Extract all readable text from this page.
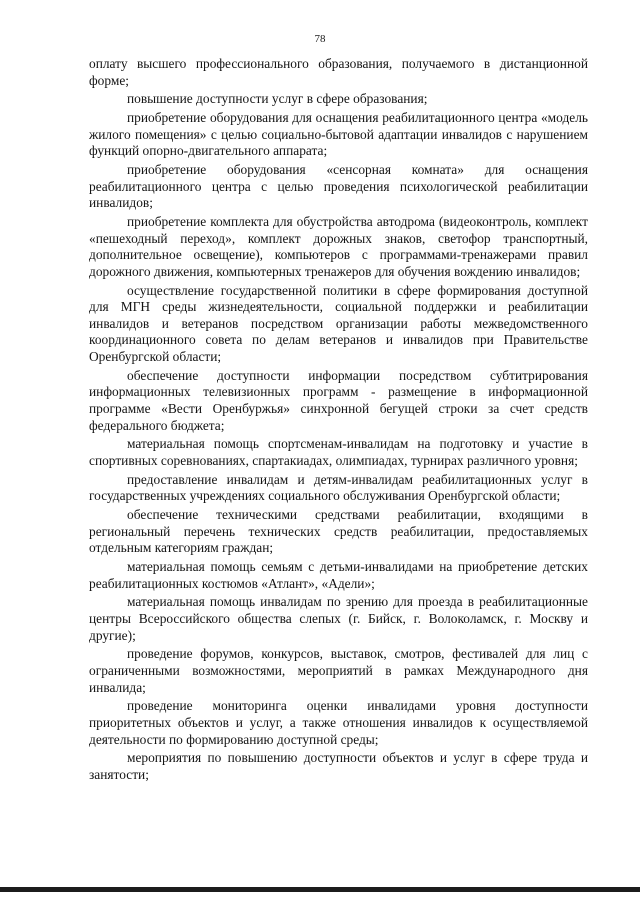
78

оплату высшего профессионального образования, получаемого в дистанционной форме;

повышение доступности услуг в сфере образования;

приобретение оборудования для оснащения реабилитационного центра «модель жилого помещения» с целью социально-бытовой адаптации инвалидов с нарушением функций опорно-двигательного аппарата;

приобретение оборудования «сенсорная комната» для оснащения реабилитационного центра с целью проведения психологической реабилитации инвалидов;

приобретение комплекта для обустройства автодрома (видеоконтроль, комплект «пешеходный переход», комплект дорожных знаков, светофор транспортный, дополнительное освещение), компьютеров с программами-тренажерами правил дорожного движения, компьютерных тренажеров для обучения вождению инвалидов;

осуществление государственной политики в сфере формирования доступной для МГН среды жизнедеятельности, социальной поддержки и реабилитации инвалидов и ветеранов посредством организации работы межведомственного координационного совета по делам ветеранов и инвалидов при Правительстве Оренбургской области;

обеспечение доступности информации посредством субтитрирования информационных телевизионных программ - размещение в информационной программе «Вести Оренбуржья» синхронной бегущей строки за счет средств федерального бюджета;

материальная помощь спортсменам-инвалидам на подготовку и участие в спортивных соревнованиях, спартакиадах, олимпиадах, турнирах различного уровня;

предоставление инвалидам и детям-инвалидам реабилитационных услуг в государственных учреждениях социального обслуживания Оренбургской области;

обеспечение техническими средствами реабилитации, входящими в региональный перечень технических средств реабилитации, предоставляемых отдельным категориям граждан;

материальная помощь семьям с детьми-инвалидами на приобретение детских реабилитационных костюмов «Атлант», «Адели»;

материальная помощь инвалидам по зрению для проезда в реабилитационные центры Всероссийского общества слепых (г. Бийск, г. Волоколамск, г. Москву и другие);

проведение форумов, конкурсов, выставок, смотров, фестивалей для лиц с ограниченными возможностями, мероприятий в рамках Международного дня инвалида;

проведение мониторинга оценки инвалидами уровня доступности приоритетных объектов и услуг, а также отношения инвалидов к осуществляемой деятельности по формированию доступной среды;

мероприятия по повышению доступности объектов и услуг в сфере труда и занятости;
